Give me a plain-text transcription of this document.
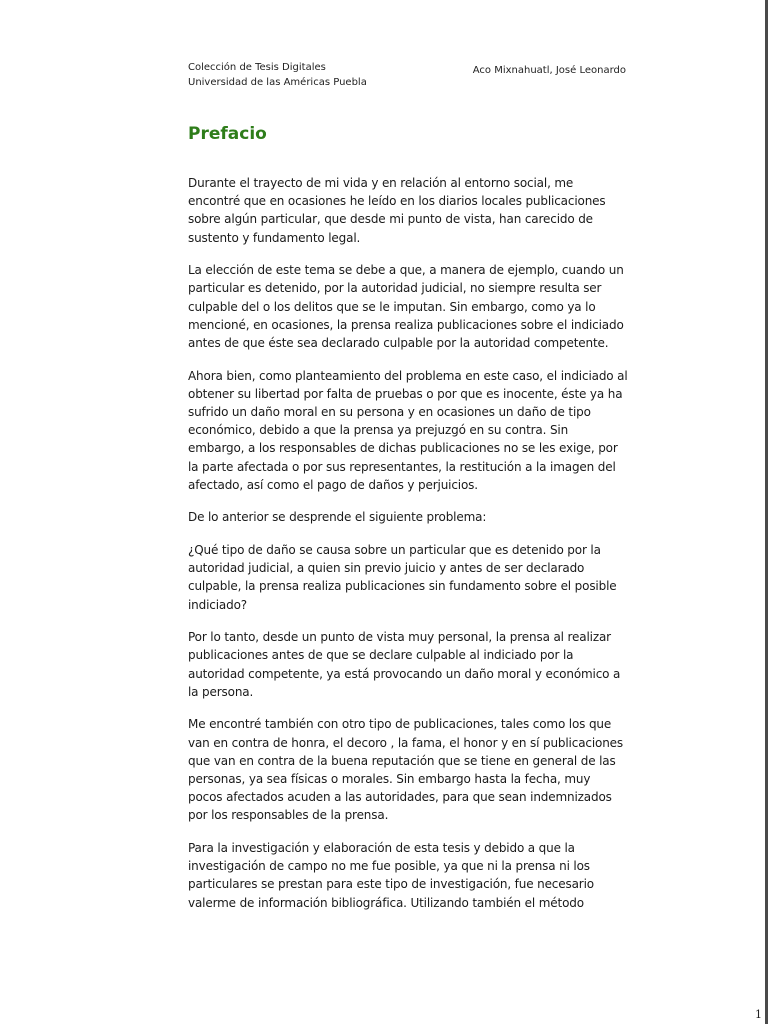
Colección de Tesis Digitales
Universidad de las Américas Puebla
Aco Mixnahuatl, José Leonardo
Prefacio

Durante el trayecto de mi vida y en relación al entorno social, me encontré que en ocasiones he leído en los diarios locales publicaciones sobre algún particular, que desde mi punto de vista, han carecido de sustento y fundamento legal.

La elección de este tema se debe a que, a manera de ejemplo, cuando un particular es detenido, por la autoridad judicial, no siempre resulta ser culpable del o los delitos que se le imputan. Sin embargo, como ya lo mencioné, en ocasiones, la prensa realiza publicaciones sobre el indiciado antes de que éste sea declarado culpable por la autoridad competente.

Ahora bien, como planteamiento del problema en este caso, el indiciado al obtener su libertad por falta de pruebas o por que es inocente, éste ya ha sufrido un daño moral en su persona y en ocasiones un daño de tipo económico, debido a que la prensa ya prejuzgó en su contra. Sin embargo, a los responsables de dichas publicaciones no se les exige, por la parte afectada o por sus representantes, la restitución a la imagen del afectado, así como el pago de daños y perjuicios.

De lo anterior se desprende el siguiente problema:

¿Qué tipo de daño se causa sobre un particular que es detenido por la autoridad judicial, a quien sin previo juicio y antes de ser declarado culpable, la prensa realiza publicaciones sin fundamento sobre el posible indiciado?

Por lo tanto, desde un punto de vista muy personal, la prensa al realizar publicaciones antes de que se declare culpable al indiciado por la autoridad competente, ya está provocando un daño moral y económico a la persona.

Me encontré también con otro tipo de publicaciones, tales como los que van en contra de honra, el decoro , la fama, el honor y en sí publicaciones que van en contra de la buena reputación que se tiene en general de las personas, ya sea físicas o morales. Sin embargo hasta la fecha, muy pocos afectados acuden a las autoridades, para que sean indemnizados por los responsables de la prensa.

Para la investigación y elaboración de esta tesis y debido a que la investigación de campo no me fue posible, ya que ni la prensa ni los particulares se prestan para este tipo de investigación, fue necesario valerme de información bibliográfica. Utilizando también el método

1
